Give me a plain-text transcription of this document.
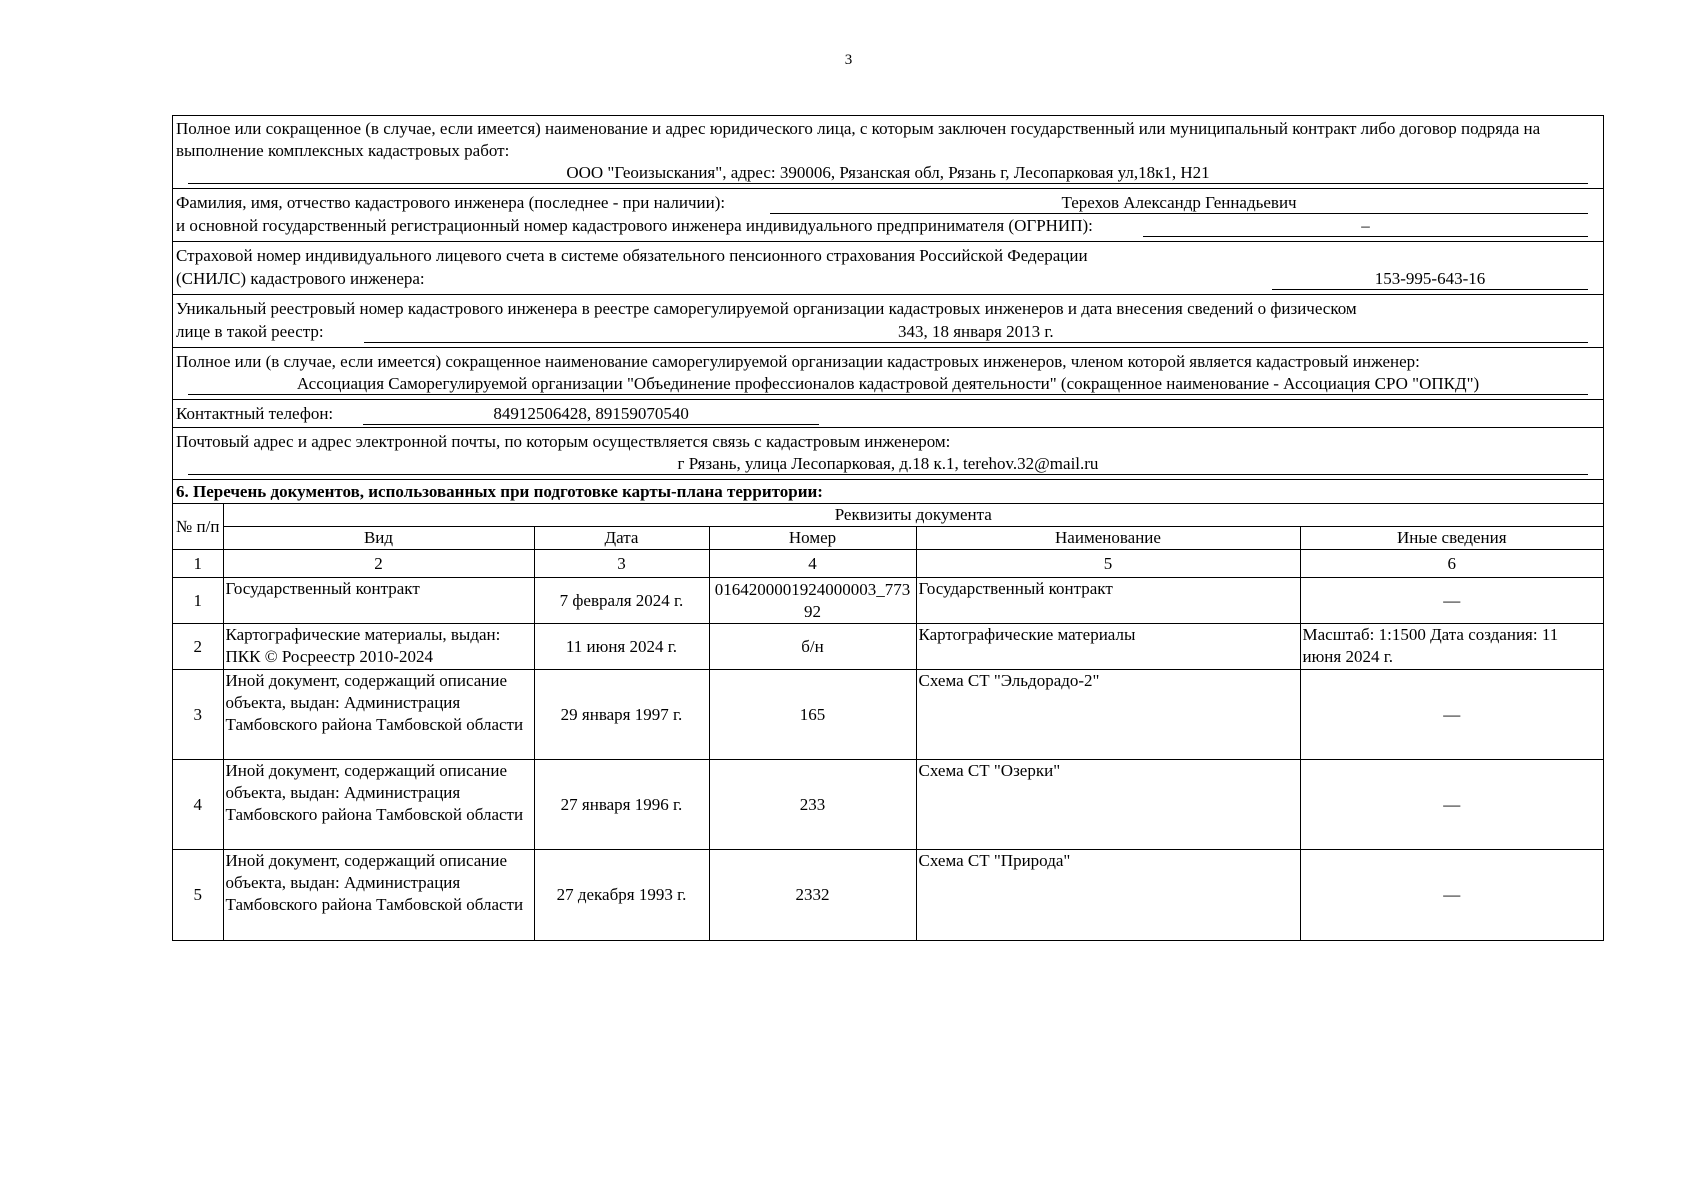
3
Полное или сокращенное (в случае, если имеется) наименование и адрес юридического лица, с которым заключен государственный или муниципальный контракт либо договор подряда на выполнение комплексных кадастровых работ:
ООО "Геоизыскания", адрес: 390006, Рязанская обл, Рязань г, Лесопарковая ул,18к1, Н21
Фамилия, имя, отчество кадастрового инженера (последнее - при наличии):	Терехов Александр Геннадьевич
и основной государственный регистрационный номер кадастрового инженера индивидуального предпринимателя (ОГРНИП):	–
Страховой номер индивидуального лицевого счета в системе обязательного пенсионного страхования Российской Федерации
(СНИЛС) кадастрового инженера:	153-995-643-16
Уникальный реестровый номер кадастрового инженера в реестре саморегулируемой организации кадастровых инженеров и дата внесения сведений о физическом
лице в такой реестр:	343, 18 января 2013 г.
Полное или (в случае, если имеется) сокращенное наименование саморегулируемой организации кадастровых инженеров, членом которой является кадастровый инженер:
Ассоциация Саморегулируемой организации "Объединение профессионалов кадастровой деятельности" (сокращенное наименование - Ассоциация СРО "ОПКД")
Контактный телефон:	84912506428, 89159070540
Почтовый адрес и адрес электронной почты, по которым осуществляется связь с кадастровым инженером:
г Рязань, улица Лесопарковая, д.18 к.1, terehov.32@mail.ru
6. Перечень документов, использованных при подготовке карты-плана территории:
№ п/п	Реквизиты документа				
	Вид	Дата	Номер	Наименование	Иные сведения
1	2	3	4	5	6
1	Государственный контракт	7 февраля 2024 г.	0164200001924000003_77392	Государственный контракт	—
2	Картографические материалы, выдан: ПКК © Росреестр 2010-2024	11 июня 2024 г.	б/н	Картографические материалы	Масштаб: 1:1500 Дата создания: 11 июня 2024 г.
3	Иной документ, содержащий описание объекта, выдан: Администрация Тамбовского района Тамбовской области	29 января 1997 г.	165	Схема СТ "Эльдорадо-2"	—
4	Иной документ, содержащий описание объекта, выдан: Администрация Тамбовского района Тамбовской области	27 января 1996 г.	233	Схема СТ "Озерки"	—
5	Иной документ, содержащий описание объекта, выдан: Администрация Тамбовского района Тамбовской области	27 декабря 1993 г.	2332	Схема СТ "Природа"	—
